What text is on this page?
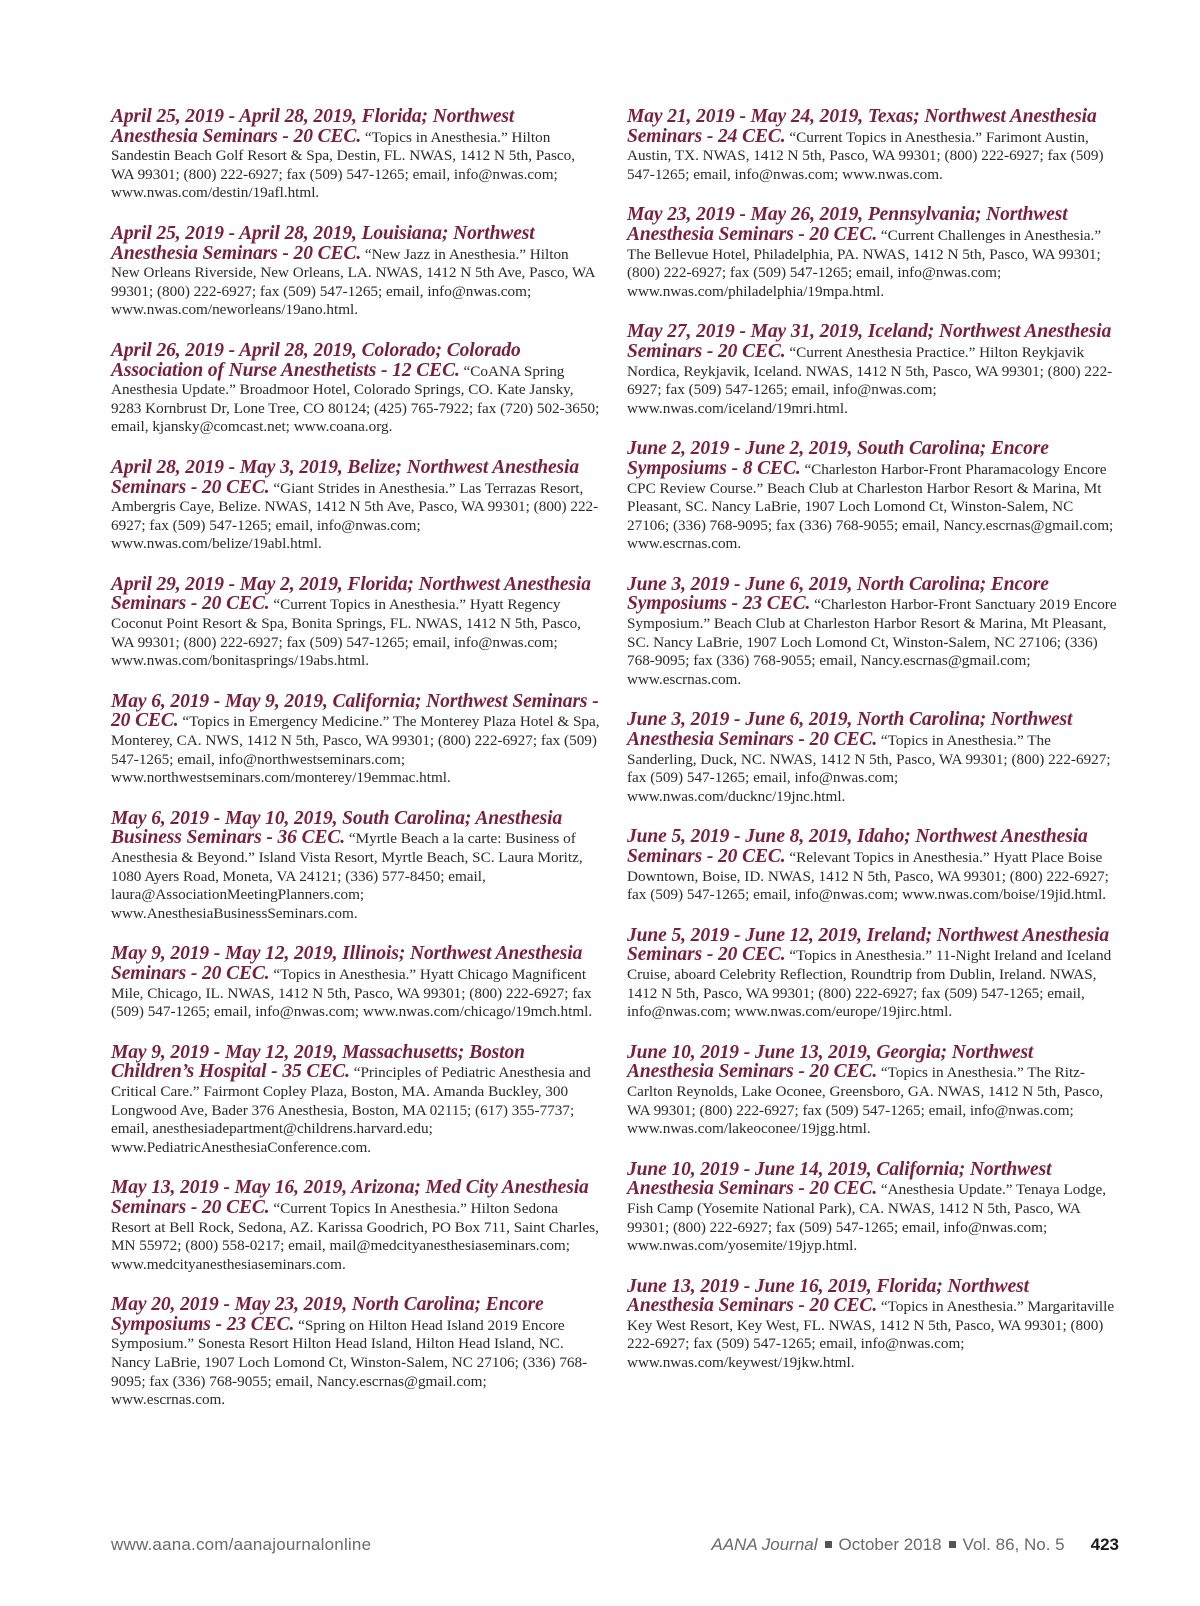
April 25, 2019 - April 28, 2019, Florida; Northwest Anesthesia Seminars - 20 CEC. “Topics in Anesthesia.” Hilton Sandestin Beach Golf Resort & Spa, Destin, FL. NWAS, 1412 N 5th, Pasco, WA 99301; (800) 222-6927; fax (509) 547-1265; email, info@nwas.com; www.nwas.com/destin/19afl.html.
April 25, 2019 - April 28, 2019, Louisiana; Northwest Anesthesia Seminars - 20 CEC. “New Jazz in Anesthesia.” Hilton New Orleans Riverside, New Orleans, LA. NWAS, 1412 N 5th Ave, Pasco, WA 99301; (800) 222-6927; fax (509) 547-1265; email, info@nwas.com; www.nwas.com/neworleans/19ano.html.
April 26, 2019 - April 28, 2019, Colorado; Colorado Association of Nurse Anesthetists - 12 CEC. “CoANA Spring Anesthesia Update.” Broadmoor Hotel, Colorado Springs, CO. Kate Jansky, 9283 Kornbrust Dr, Lone Tree, CO 80124; (425) 765-7922; fax (720) 502-3650; email, kjansky@comcast.net; www.coana.org.
April 28, 2019 - May 3, 2019, Belize; Northwest Anesthesia Seminars - 20 CEC. “Giant Strides in Anesthesia.” Las Terrazas Resort, Ambergris Caye, Belize. NWAS, 1412 N 5th Ave, Pasco, WA 99301; (800) 222-6927; fax (509) 547-1265; email, info@nwas.com; www.nwas.com/belize/19abl.html.
April 29, 2019 - May 2, 2019, Florida; Northwest Anesthesia Seminars - 20 CEC. “Current Topics in Anesthesia.” Hyatt Regency Coconut Point Resort & Spa, Bonita Springs, FL. NWAS, 1412 N 5th, Pasco, WA 99301; (800) 222-6927; fax (509) 547-1265; email, info@nwas.com; www.nwas.com/bonitasprings/19abs.html.
May 6, 2019 - May 9, 2019, California; Northwest Seminars - 20 CEC. “Topics in Emergency Medicine.” The Monterey Plaza Hotel & Spa, Monterey, CA. NWS, 1412 N 5th, Pasco, WA 99301; (800) 222-6927; fax (509) 547-1265; email, info@northwestseminars.com; www.northwestseminars.com/monterey/19emmac.html.
May 6, 2019 - May 10, 2019, South Carolina; Anesthesia Business Seminars - 36 CEC. “Myrtle Beach a la carte: Business of Anesthesia & Beyond.” Island Vista Resort, Myrtle Beach, SC. Laura Moritz, 1080 Ayers Road, Moneta, VA 24121; (336) 577-8450; email, laura@AssociationMeetingPlanners.com; www.AnesthesiaBusinessSeminars.com.
May 9, 2019 - May 12, 2019, Illinois; Northwest Anesthesia Seminars - 20 CEC. “Topics in Anesthesia.” Hyatt Chicago Magnificent Mile, Chicago, IL. NWAS, 1412 N 5th, Pasco, WA 99301; (800) 222-6927; fax (509) 547-1265; email, info@nwas.com; www.nwas.com/chicago/19mch.html.
May 9, 2019 - May 12, 2019, Massachusetts; Boston Children’s Hospital - 35 CEC. “Principles of Pediatric Anesthesia and Critical Care.” Fairmont Copley Plaza, Boston, MA. Amanda Buckley, 300 Longwood Ave, Bader 376 Anesthesia, Boston, MA 02115; (617) 355-7737; email, anesthesiadepartment@childrens.harvard.edu; www.PediatricAnesthesiaConference.com.
May 13, 2019 - May 16, 2019, Arizona; Med City Anesthesia Seminars - 20 CEC. “Current Topics In Anesthesia.” Hilton Sedona Resort at Bell Rock, Sedona, AZ. Karissa Goodrich, PO Box 711, Saint Charles, MN 55972; (800) 558-0217; email, mail@medcityanesthesiaseminars.com; www.medcityanesthesiaseminars.com.
May 20, 2019 - May 23, 2019, North Carolina; Encore Symposiums - 23 CEC. “Spring on Hilton Head Island 2019 Encore Symposium.” Sonesta Resort Hilton Head Island, Hilton Head Island, NC. Nancy LaBrie, 1907 Loch Lomond Ct, Winston-Salem, NC 27106; (336) 768-9095; fax (336) 768-9055; email, Nancy.escrnas@gmail.com; www.escrnas.com.
May 21, 2019 - May 24, 2019, Texas; Northwest Anesthesia Seminars - 24 CEC. “Current Topics in Anesthesia.” Farimont Austin, Austin, TX. NWAS, 1412 N 5th, Pasco, WA 99301; (800) 222-6927; fax (509) 547-1265; email, info@nwas.com; www.nwas.com.
May 23, 2019 - May 26, 2019, Pennsylvania; Northwest Anesthesia Seminars - 20 CEC. “Current Challenges in Anesthesia.” The Bellevue Hotel, Philadelphia, PA. NWAS, 1412 N 5th, Pasco, WA 99301; (800) 222-6927; fax (509) 547-1265; email, info@nwas.com; www.nwas.com/philadelphia/19mpa.html.
May 27, 2019 - May 31, 2019, Iceland; Northwest Anesthesia Seminars - 20 CEC. “Current Anesthesia Practice.” Hilton Reykjavik Nordica, Reykjavik, Iceland. NWAS, 1412 N 5th, Pasco, WA 99301; (800) 222-6927; fax (509) 547-1265; email, info@nwas.com; www.nwas.com/iceland/19mri.html.
June 2, 2019 - June 2, 2019, South Carolina; Encore Symposiums - 8 CEC. “Charleston Harbor-Front Pharamacology Encore CPC Review Course.” Beach Club at Charleston Harbor Resort & Marina, Mt Pleasant, SC. Nancy LaBrie, 1907 Loch Lomond Ct, Winston-Salem, NC 27106; (336) 768-9095; fax (336) 768-9055; email, Nancy.escrnas@gmail.com; www.escrnas.com.
June 3, 2019 - June 6, 2019, North Carolina; Encore Symposiums - 23 CEC. “Charleston Harbor-Front Sanctuary 2019 Encore Symposium.” Beach Club at Charleston Harbor Resort & Marina, Mt Pleasant, SC. Nancy LaBrie, 1907 Loch Lomond Ct, Winston-Salem, NC 27106; (336) 768-9095; fax (336) 768-9055; email, Nancy.escrnas@gmail.com; www.escrnas.com.
June 3, 2019 - June 6, 2019, North Carolina; Northwest Anesthesia Seminars - 20 CEC. “Topics in Anesthesia.” The Sanderling, Duck, NC. NWAS, 1412 N 5th, Pasco, WA 99301; (800) 222-6927; fax (509) 547-1265; email, info@nwas.com; www.nwas.com/ducknc/19jnc.html.
June 5, 2019 - June 8, 2019, Idaho; Northwest Anesthesia Seminars - 20 CEC. “Relevant Topics in Anesthesia.” Hyatt Place Boise Downtown, Boise, ID. NWAS, 1412 N 5th, Pasco, WA 99301; (800) 222-6927; fax (509) 547-1265; email, info@nwas.com; www.nwas.com/boise/19jid.html.
June 5, 2019 - June 12, 2019, Ireland; Northwest Anesthesia Seminars - 20 CEC. “Topics in Anesthesia.” 11-Night Ireland and Iceland Cruise, aboard Celebrity Reflection, Roundtrip from Dublin, Ireland. NWAS, 1412 N 5th, Pasco, WA 99301; (800) 222-6927; fax (509) 547-1265; email, info@nwas.com; www.nwas.com/europe/19jirc.html.
June 10, 2019 - June 13, 2019, Georgia; Northwest Anesthesia Seminars - 20 CEC. “Topics in Anesthesia.” The Ritz-Carlton Reynolds, Lake Oconee, Greensboro, GA. NWAS, 1412 N 5th, Pasco, WA 99301; (800) 222-6927; fax (509) 547-1265; email, info@nwas.com; www.nwas.com/lakeoconee/19jgg.html.
June 10, 2019 - June 14, 2019, California; Northwest Anesthesia Seminars - 20 CEC. “Anesthesia Update.” Tenaya Lodge, Fish Camp (Yosemite National Park), CA. NWAS, 1412 N 5th, Pasco, WA 99301; (800) 222-6927; fax (509) 547-1265; email, info@nwas.com; www.nwas.com/yosemite/19jyp.html.
June 13, 2019 - June 16, 2019, Florida; Northwest Anesthesia Seminars - 20 CEC. “Topics in Anesthesia.” Margaritaville Key West Resort, Key West, FL. NWAS, 1412 N 5th, Pasco, WA 99301; (800) 222-6927; fax (509) 547-1265; email, info@nwas.com; www.nwas.com/keywest/19jkw.html.
www.aana.com/aanajournalonline	AANA Journal October 2018 Vol. 86, No. 5 423
